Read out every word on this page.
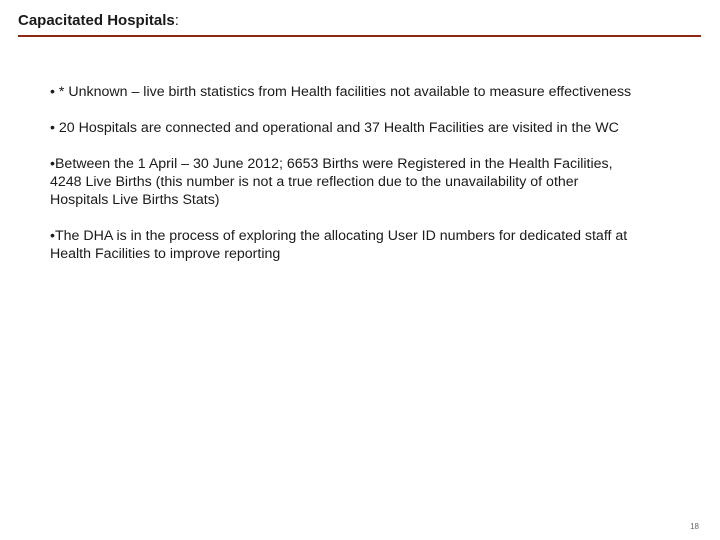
Capacitated Hospitals:
• * Unknown – live birth statistics from Health facilities not available to measure effectiveness
• 20 Hospitals are connected and operational and 37 Health Facilities are visited in the WC
•Between the 1 April – 30 June 2012; 6653 Births were Registered in the Health Facilities, 4248 Live Births (this number is not a true reflection due to the unavailability of other Hospitals Live Births Stats)
•The DHA is in the process of exploring the allocating User ID numbers for dedicated staff at Health Facilities to improve reporting
18
